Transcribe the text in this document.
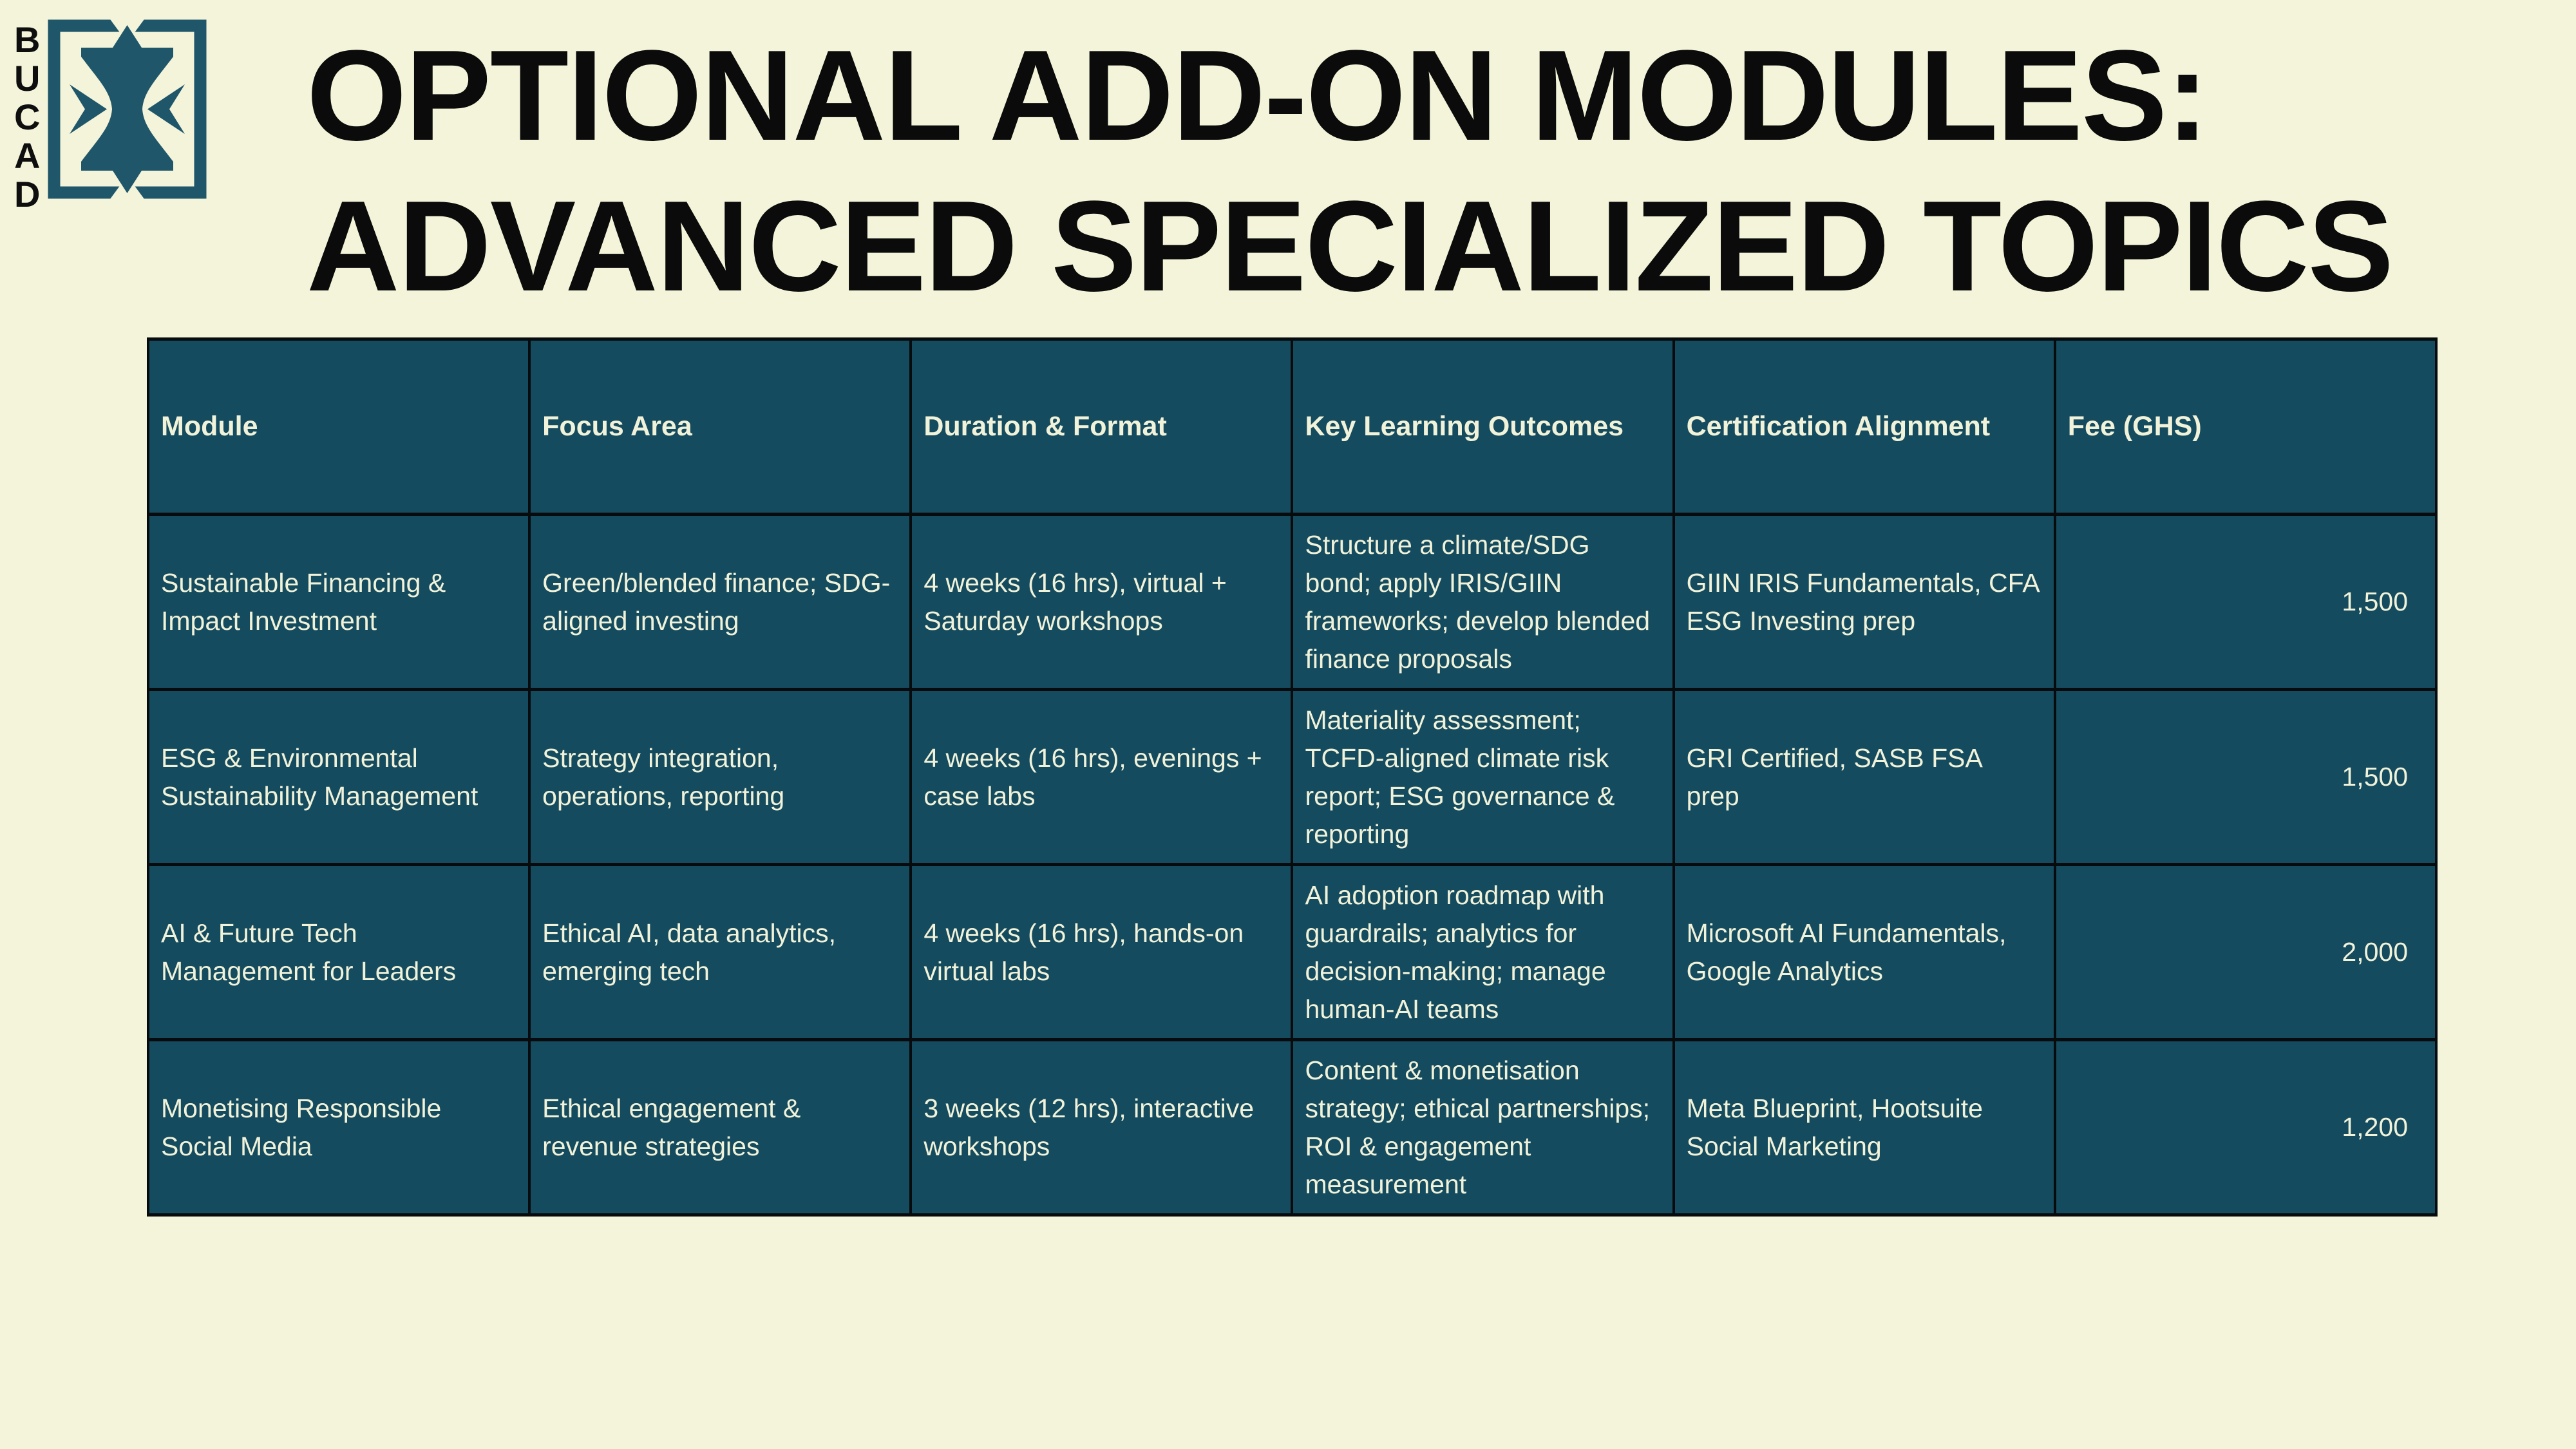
B
U
C
A
D
OPTIONAL ADD-ON MODULES:
ADVANCED SPECIALIZED TOPICS
Module	Focus Area	Duration & Format	Key Learning Outcomes	Certification Alignment	Fee (GHS)
Sustainable Financing & Impact Investment	Green/blended finance; SDG-aligned investing	4 weeks (16 hrs), virtual + Saturday workshops	Structure a climate/SDG bond; apply IRIS/GIIN frameworks; develop blended finance proposals	GIIN IRIS Fundamentals, CFA ESG Investing prep	1,500
ESG & Environmental Sustainability Management	Strategy integration, operations, reporting	4 weeks (16 hrs), evenings + case labs	Materiality assessment; TCFD-aligned climate risk report; ESG governance & reporting	GRI Certified, SASB FSA prep	1,500
AI & Future Tech Management for Leaders	Ethical AI, data analytics, emerging tech	4 weeks (16 hrs), hands-on virtual labs	AI adoption roadmap with guardrails; analytics for decision-making; manage human-AI teams	Microsoft AI Fundamentals, Google Analytics	2,000
Monetising Responsible Social Media	Ethical engagement & revenue strategies	3 weeks (12 hrs), interactive workshops	Content & monetisation strategy; ethical partnerships; ROI & engagement measurement	Meta Blueprint, Hootsuite Social Marketing	1,200
